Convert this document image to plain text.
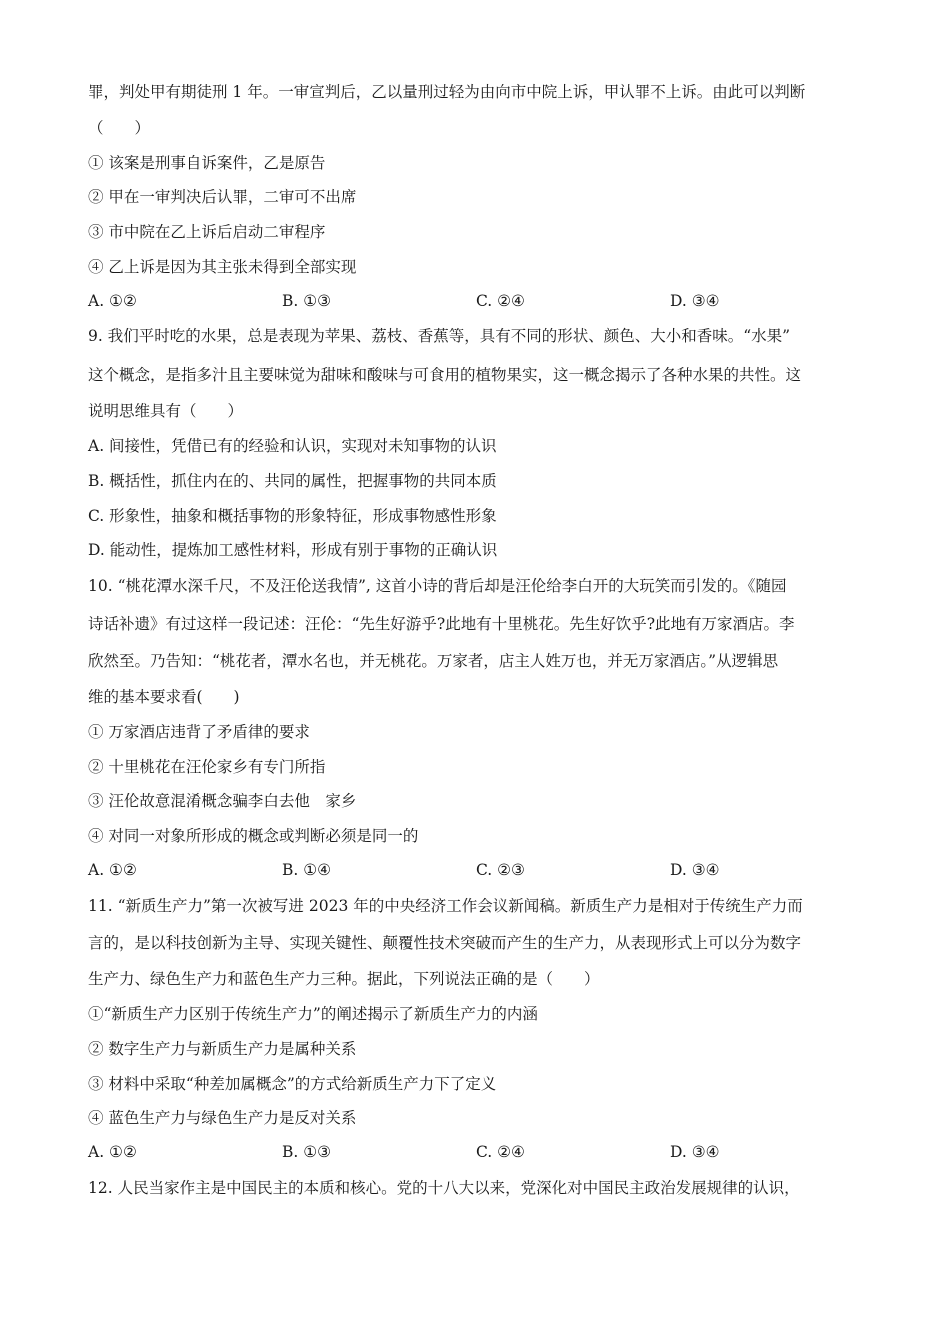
罪，判处甲有期徒刑 1 年。一审宣判后，乙以量刑过轻为由向市中院上诉，甲认罪不上诉。由此可以判断
（　　）
① 该案是刑事自诉案件，乙是原告
② 甲在一审判决后认罪，二审可不出席
③ 市中院在乙上诉后启动二审程序
④ 乙上诉是因为其主张未得到全部实现
A. ①②	B. ①③	C. ②④	D. ③④
9. 我们平时吃的水果，总是表现为苹果、荔枝、香蕉等，具有不同的形状、颜色、大小和香味。“水果”
这个概念，是指多汁且主要味觉为甜味和酸味与可食用的植物果实，这一概念揭示了各种水果的共性。这
说明思维具有（　　）
A. 间接性，凭借已有的经验和认识，实现对未知事物的认识
B. 概括性，抓住内在的、共同的属性，把握事物的共同本质
C. 形象性，抽象和概括事物的形象特征，形成事物感性形象
D. 能动性，提炼加工感性材料，形成有别于事物的正确认识
10. “桃花潭水深千尺，不及汪伦送我情”, 这首小诗的背后却是汪伦给李白开的大玩笑而引发的。《随园
诗话补遗》有过这样一段记述：汪伦：“先生好游乎?此地有十里桃花。先生好饮乎?此地有万家酒店。李
欣然至。乃告知：“桃花者，潭水名也，并无桃花。万家者，店主人姓万也，并无万家酒店。”从逻辑思
维的基本要求看(　　)
① 万家酒店违背了矛盾律的要求
② 十里桃花在汪伦家乡有专门所指
③ 汪伦故意混淆概念骗李白去他　家乡
④ 对同一对象所形成的概念或判断必须是同一的
A. ①②	B. ①④	C. ②③	D. ③④
11. “新质生产力”第一次被写进 2023 年的中央经济工作会议新闻稿。新质生产力是相对于传统生产力而
言的，是以科技创新为主导、实现关键性、颠覆性技术突破而产生的生产力，从表现形式上可以分为数字
生产力、绿色生产力和蓝色生产力三种。据此，下列说法正确的是（　　）
①“新质生产力区别于传统生产力”的阐述揭示了新质生产力的内涵
② 数字生产力与新质生产力是属种关系
③ 材料中采取“种差加属概念”的方式给新质生产力下了定义
④ 蓝色生产力与绿色生产力是反对关系
A. ①②	B. ①③	C. ②④	D. ③④
12. 人民当家作主是中国民主的本质和核心。党的十八大以来，党深化对中国民主政治发展规律的认识，
